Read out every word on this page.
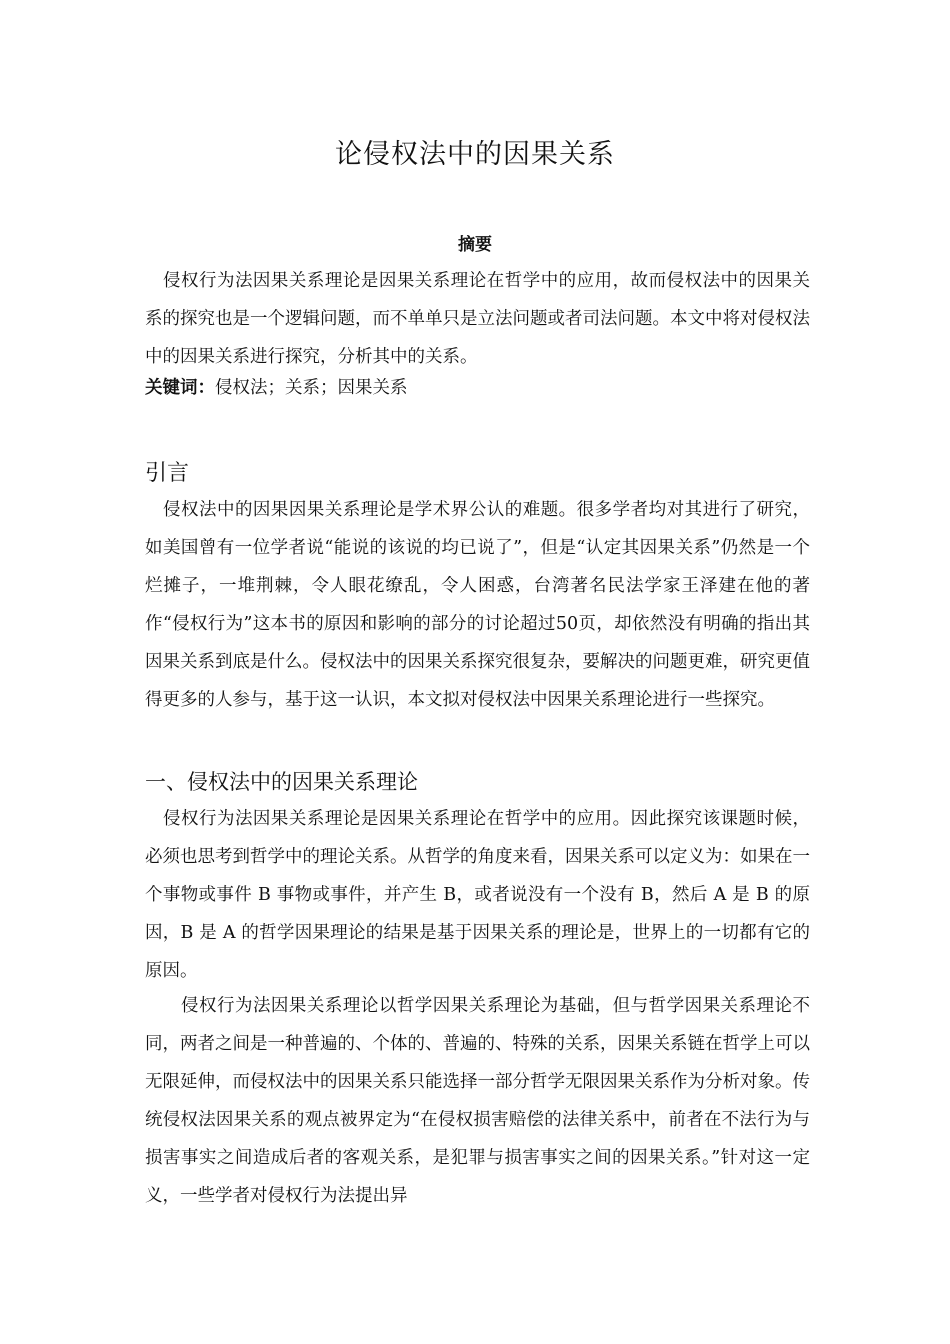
论侵权法中的因果关系
摘要

侵权行为法因果关系理论是因果关系理论在哲学中的应用，故而侵权法中的因果关系的探究也是一个逻辑问题，而不单单只是立法问题或者司法问题。本文中将对侵权法中的因果关系进行探究，分析其中的关系。

关键词：侵权法；关系；因果关系

引言

侵权法中的因果因果关系理论是学术界公认的难题。很多学者均对其进行了研究，如美国曾有一位学者说“能说的该说的均已说了”，但是“认定其因果关系”仍然是一个烂摊子，一堆荆棘，令人眼花缭乱，令人困惑，台湾著名民法学家王泽建在他的著作“侵权行为”这本书的原因和影响的部分的讨论超过50页，却依然没有明确的指出其因果关系到底是什么。侵权法中的因果关系探究很复杂，要解决的问题更难，研究更值得更多的人参与，基于这一认识，本文拟对侵权法中因果关系理论进行一些探究。

一、侵权法中的因果关系理论

侵权行为法因果关系理论是因果关系理论在哲学中的应用。因此探究该课题时候，必须也思考到哲学中的理论关系。从哲学的角度来看，因果关系可以定义为：如果在一个事物或事件 B 事物或事件，并产生 B，或者说没有一个没有 B，然后 A 是 B 的原因，B 是 A 的哲学因果理论的结果是基于因果关系的理论是，世界上的一切都有它的原因。

侵权行为法因果关系理论以哲学因果关系理论为基础，但与哲学因果关系理论不同，两者之间是一种普遍的、个体的、普遍的、特殊的关系，因果关系链在哲学上可以无限延伸，而侵权法中的因果关系只能选择一部分哲学无限因果关系作为分析对象。传统侵权法因果关系的观点被界定为“在侵权损害赔偿的法律关系中，前者在不法行为与损害事实之间造成后者的客观关系，是犯罪与损害事实之间的因果关系。”针对这一定义，一些学者对侵权行为法提出异
